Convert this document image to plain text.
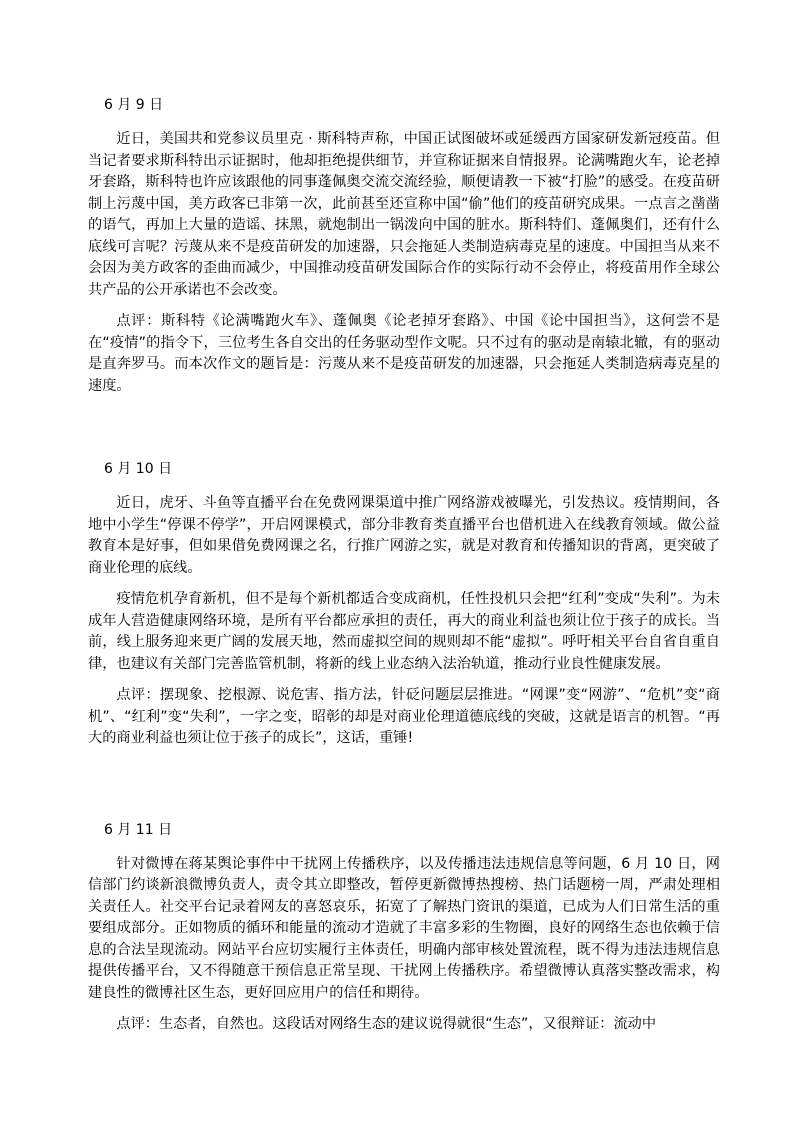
6 月 9 日

近日，美国共和党参议员里克 · 斯科特声称，中国正试图破坏或延缓西方国家研发新冠疫苗。但当记者要求斯科特出示证据时，他却拒绝提供细节，并宣称证据来自情报界。论满嘴跑火车，论老掉牙套路，斯科特也许应该跟他的同事蓬佩奥交流交流经验，顺便请教一下被“打脸”的感受。在疫苗研制上污蔑中国，美方政客已非第一次，此前甚至还宣称中国“偷”他们的疫苗研究成果。一点言之凿凿的语气，再加上大量的造谣、抹黑，就炮制出一锅泼向中国的脏水。斯科特们、蓬佩奥们，还有什么底线可言呢？污蔑从来不是疫苗研发的加速器，只会拖延人类制造病毒克星的速度。中国担当从来不会因为美方政客的歪曲而减少，中国推动疫苗研发国际合作的实际行动不会停止，将疫苗用作全球公共产品的公开承诺也不会改变。

点评：斯科特《论满嘴跑火车》、蓬佩奥《论老掉牙套路》、中国《论中国担当》，这何尝不是在“疫情”的指令下，三位考生各自交出的任务驱动型作文呢。只不过有的驱动是南辕北辙，有的驱动是直奔罗马。而本次作文的题旨是：污蔑从来不是疫苗研发的加速器，只会拖延人类制造病毒克星的速度。

6 月 10 日

近日，虎牙、斗鱼等直播平台在免费网课渠道中推广网络游戏被曝光，引发热议。疫情期间，各地中小学生“停课不停学”，开启网课模式，部分非教育类直播平台也借机进入在线教育领域。做公益教育本是好事，但如果借免费网课之名，行推广网游之实，就是对教育和传播知识的背离，更突破了商业伦理的底线。

疫情危机孕育新机，但不是每个新机都适合变成商机，任性投机只会把“红利”变成“失利”。为未成年人营造健康网络环境，是所有平台都应承担的责任，再大的商业利益也须让位于孩子的成长。当前，线上服务迎来更广阔的发展天地，然而虚拟空间的规则却不能“虚拟”。呼吁相关平台自省自重自律，也建议有关部门完善监管机制，将新的线上业态纳入法治轨道，推动行业良性健康发展。

点评：摆现象、挖根源、说危害、指方法，针砭问题层层推进。“网课”变“网游”、“危机”变“商机”、“红利”变“失利”，一字之变，昭彰的却是对商业伦理道德底线的突破，这就是语言的机智。“再大的商业利益也须让位于孩子的成长”，这话，重锤!

6 月 11 日

针对微博在蒋某舆论事件中干扰网上传播秩序，以及传播违法违规信息等问题，6 月 10 日，网信部门约谈新浪微博负责人，责令其立即整改，暂停更新微博热搜榜、热门话题榜一周，严肃处理相关责任人。社交平台记录着网友的喜怒哀乐，拓宽了了解热门资讯的渠道，已成为人们日常生活的重要组成部分。正如物质的循环和能量的流动才造就了丰富多彩的生物圈，良好的网络生态也依赖于信息的合法呈现流动。网站平台应切实履行主体责任，明确内部审核处置流程，既不得为违法违规信息提供传播平台，又不得随意干预信息正常呈现、干扰网上传播秩序。希望微博认真落实整改需求，构建良性的微博社区生态，更好回应用户的信任和期待。

点评：生态者，自然也。这段话对网络生态的建议说得就很“生态”，又很辩证：流动中
